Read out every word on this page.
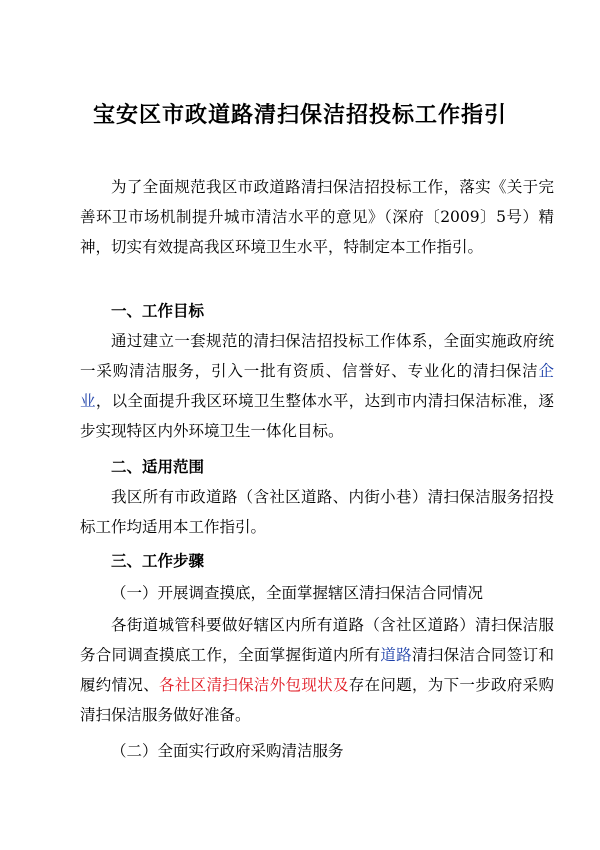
宝安区市政道路清扫保洁招投标工作指引

为了全面规范我区市政道路清扫保洁招投标工作，落实《关于完善环卫市场机制提升城市清洁水平的意见》（深府〔2009〕5号）精神，切实有效提高我区环境卫生水平，特制定本工作指引。

一、工作目标

通过建立一套规范的清扫保洁招投标工作体系，全面实施政府统一采购清洁服务，引入一批有资质、信誉好、专业化的清扫保洁企业，以全面提升我区环境卫生整体水平，达到市内清扫保洁标准，逐步实现特区内外环境卫生一体化目标。

二、适用范围

我区所有市政道路（含社区道路、内街小巷）清扫保洁服务招投标工作均适用本工作指引。

三、工作步骤

（一）开展调查摸底，全面掌握辖区清扫保洁合同情况

各街道城管科要做好辖区内所有道路（含社区道路）清扫保洁服务合同调查摸底工作，全面掌握街道内所有道路清扫保洁合同签订和履约情况、各社区清扫保洁外包现状及存在问题，为下一步政府采购清扫保洁服务做好准备。

（二）全面实行政府采购清洁服务
